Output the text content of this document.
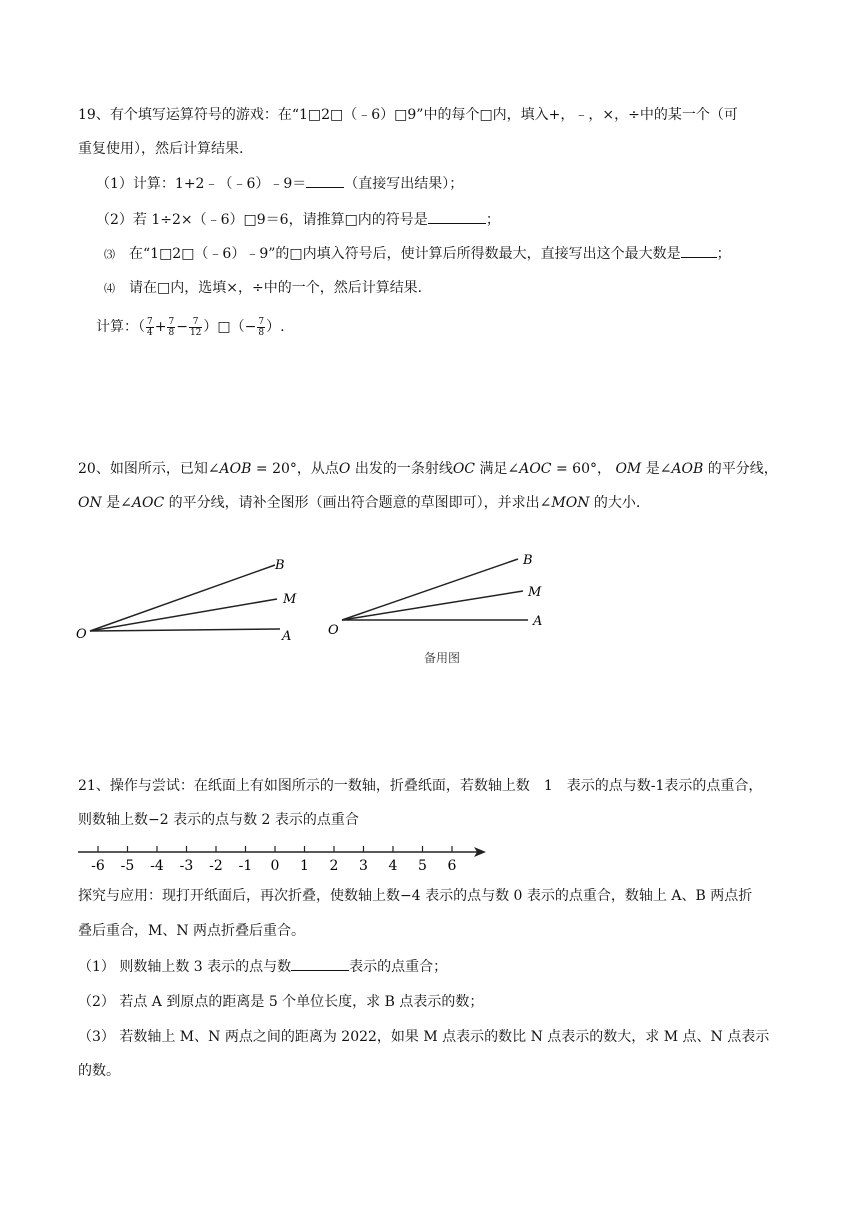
19、有个填写运算符号的游戏：在“1□2□（﹣6）□9”中的每个□内，填入+，﹣，×，÷中的某一个（可
重复使用），然后计算结果.
（1）计算：1+2﹣（﹣6）﹣9＝	（直接写出结果）；
（2）若 1÷2×（﹣6）□9＝6，请推算□内的符号是	；
⑶ 在“1□2□（﹣6）﹣9”的□内填入符号后，使计算后所得数最大，直接写出这个最大数是	；
⑷ 请在□内，选填×，÷中的一个，然后计算结果.
计算：（ $\frac{7}{4} + \frac{7}{8} - \frac{7}{12}$ ）□（− $\frac{7}{8}$ ）.
20、如图所示，已知∠AOB = 20°，从点O 出发的一条射线OC 满足∠AOC = 60°， OM 是∠AOB 的平分线，
ON 是∠AOC 的平分线，请补全图形（画出符合题意的草图即可），并求出∠MON 的大小.
O
B
M
A	O
B
M
A
备用图
21、操作与尝试：在纸面上有如图所示的一数轴，折叠纸面，若数轴上数　1　表示的点与数-1表示的点重合，
则数轴上数−2 表示的点与数 2 表示的点重合
-6 -5 -4 -3 -2 -1 0 1 2 3 4 5 6
探究与应用：现打开纸面后，再次折叠，使数轴上数−4 表示的点与数 0 表示的点重合，数轴上 A、B 两点折
叠后重合，M、N 两点折叠后重合。
（1） 则数轴上数 3 表示的点与数	表示的点重合；
（2） 若点 A 到原点的距离是 5 个单位长度，求 B 点表示的数；
（3） 若数轴上 M、N 两点之间的距离为 2022，如果 M 点表示的数比 N 点表示的数大，求 M 点、N 点表示
的数。
